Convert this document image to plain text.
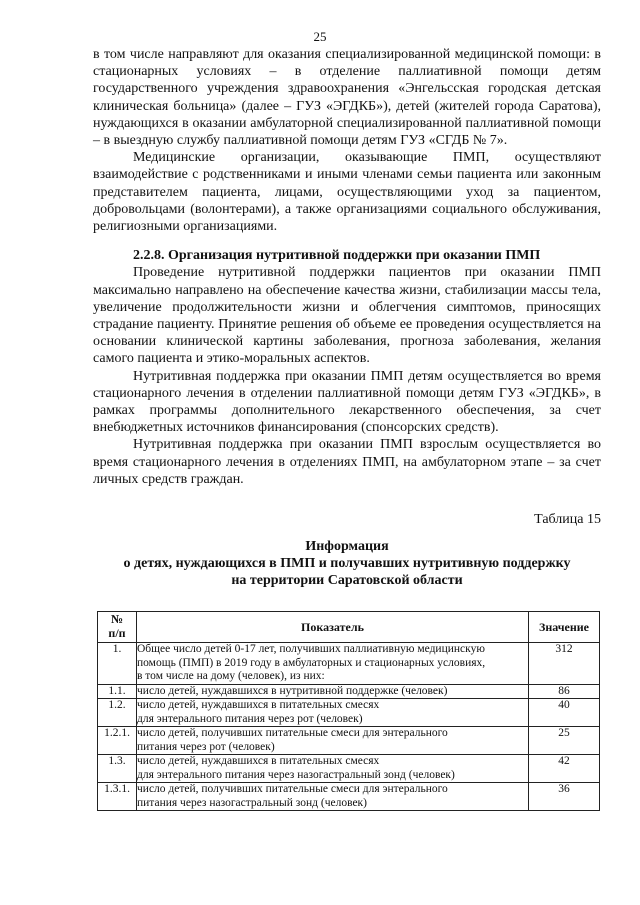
25

в том числе направляют для оказания специализированной медицинской помощи: в стационарных условиях – в отделение паллиативной помощи детям государственного учреждения здравоохранения «Энгельсская городская детская клиническая больница» (далее – ГУЗ «ЭГДКБ»), детей (жителей города Саратова), нуждающихся в оказании амбулаторной специализированной паллиативной помощи – в выездную службу паллиативной помощи детям ГУЗ «СГДБ № 7».

Медицинские организации, оказывающие ПМП, осуществляют взаимодействие с родственниками и иными членами семьи пациента или законным представителем пациента, лицами, осуществляющими уход за пациентом, добровольцами (волонтерами), а также организациями социального обслуживания, религиозными организациями.

2.2.8. Организация нутритивной поддержки при оказании ПМП

Проведение нутритивной поддержки пациентов при оказании ПМП максимально направлено на обеспечение качества жизни, стабилизации массы тела, увеличение продолжительности жизни и облегчения симптомов, приносящих страдание пациенту. Принятие решения об объеме ее проведения осуществляется на основании клинической картины заболевания, прогноза заболевания, желания самого пациента и этико-моральных аспектов.

Нутритивная поддержка при оказании ПМП детям осуществляется во время стационарного лечения в отделении паллиативной помощи детям ГУЗ «ЭГДКБ», в рамках программы дополнительного лекарственного обеспечения, за счет внебюджетных источников финансирования (спонсорских средств).

Нутритивная поддержка при оказании ПМП взрослым осуществляется во время стационарного лечения в отделениях ПМП, на амбулаторном этапе – за счет личных средств граждан.

Таблица 15

Информация
о детях, нуждающихся в ПМП и получавших нутритивную поддержку
на территории Саратовской области
№
п/п	Показатель	Значение
1.	Общее число детей 0-17 лет, получивших паллиативную медицинскую
помощь (ПМП) в 2019 году в амбулаторных и стационарных условиях,
в том числе на дому (человек), из них:	312
1.1.	число детей, нуждавшихся в нутритивной поддержке (человек)	86
1.2.	число детей, нуждавшихся в питательных смесях
для энтерального питания через рот (человек)	40
1.2.1.	число детей, получивших питательные смеси для энтерального
питания через рот (человек)	25
1.3.	число детей, нуждавшихся в питательных смесях
для энтерального питания через назогастральный зонд (человек)	42
1.3.1.	число детей, получивших питательные смеси для энтерального
питания через назогастральный зонд (человек)	36
